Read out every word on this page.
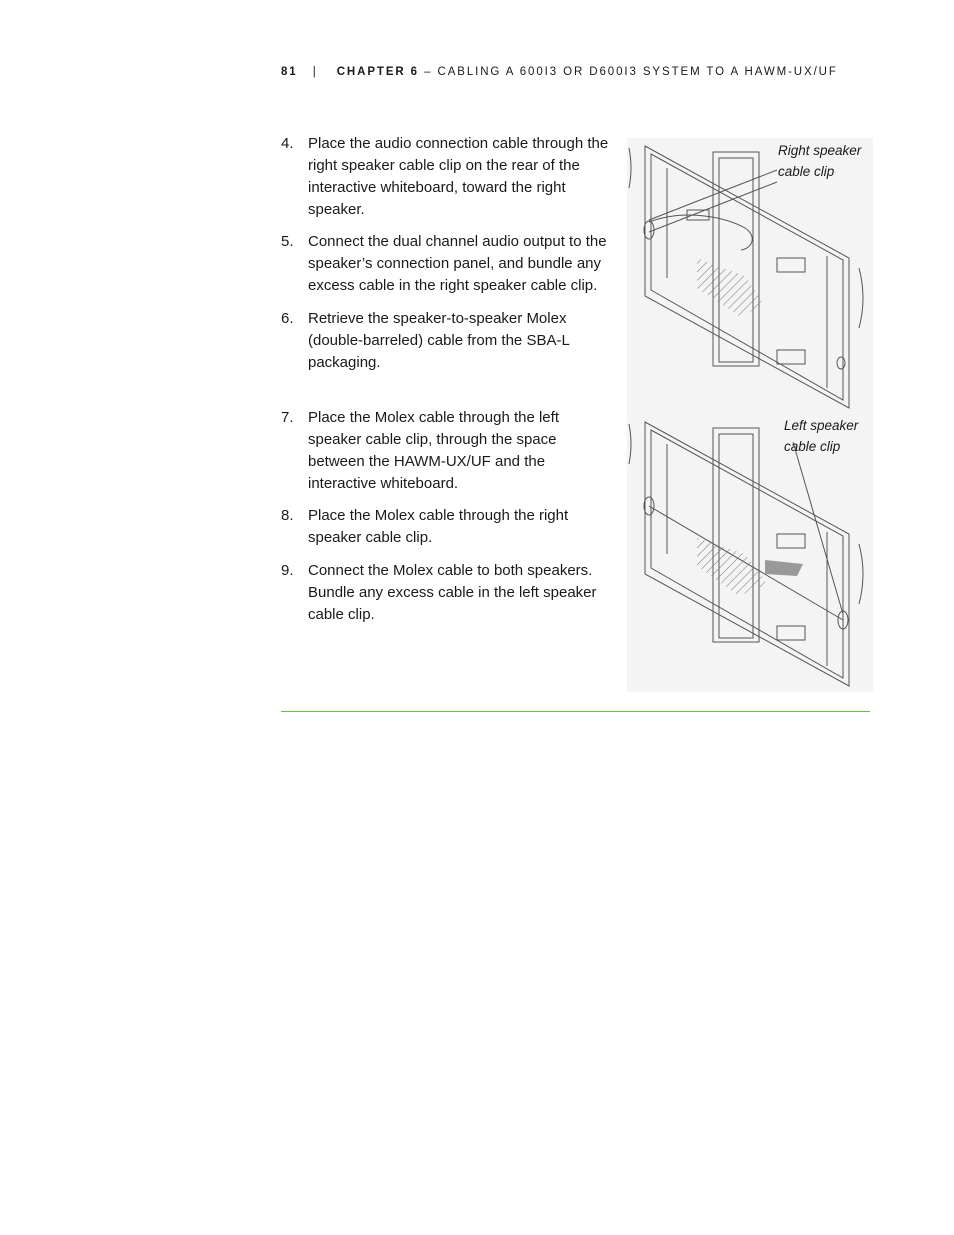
81 | CHAPTER 6 – CABLING A 600I3 OR D600I3 SYSTEM TO A HAWM-UX/UF
4. Place the audio connection cable through the right speaker cable clip on the rear of the interactive whiteboard, toward the right speaker.
5. Connect the dual channel audio output to the speaker’s connection panel, and bundle any excess cable in the right speaker cable clip.
6. Retrieve the speaker-to-speaker Molex (double-barreled) cable from the SBA-L packaging.
7. Place the Molex cable through the left speaker cable clip, through the space between the HAWM-UX/UF and the interactive whiteboard.
8. Place the Molex cable through the right speaker cable clip.
9. Connect the Molex cable to both speakers. Bundle any excess cable in the left speaker cable clip.
Right speaker
cable clip
Left speaker
cable clip
